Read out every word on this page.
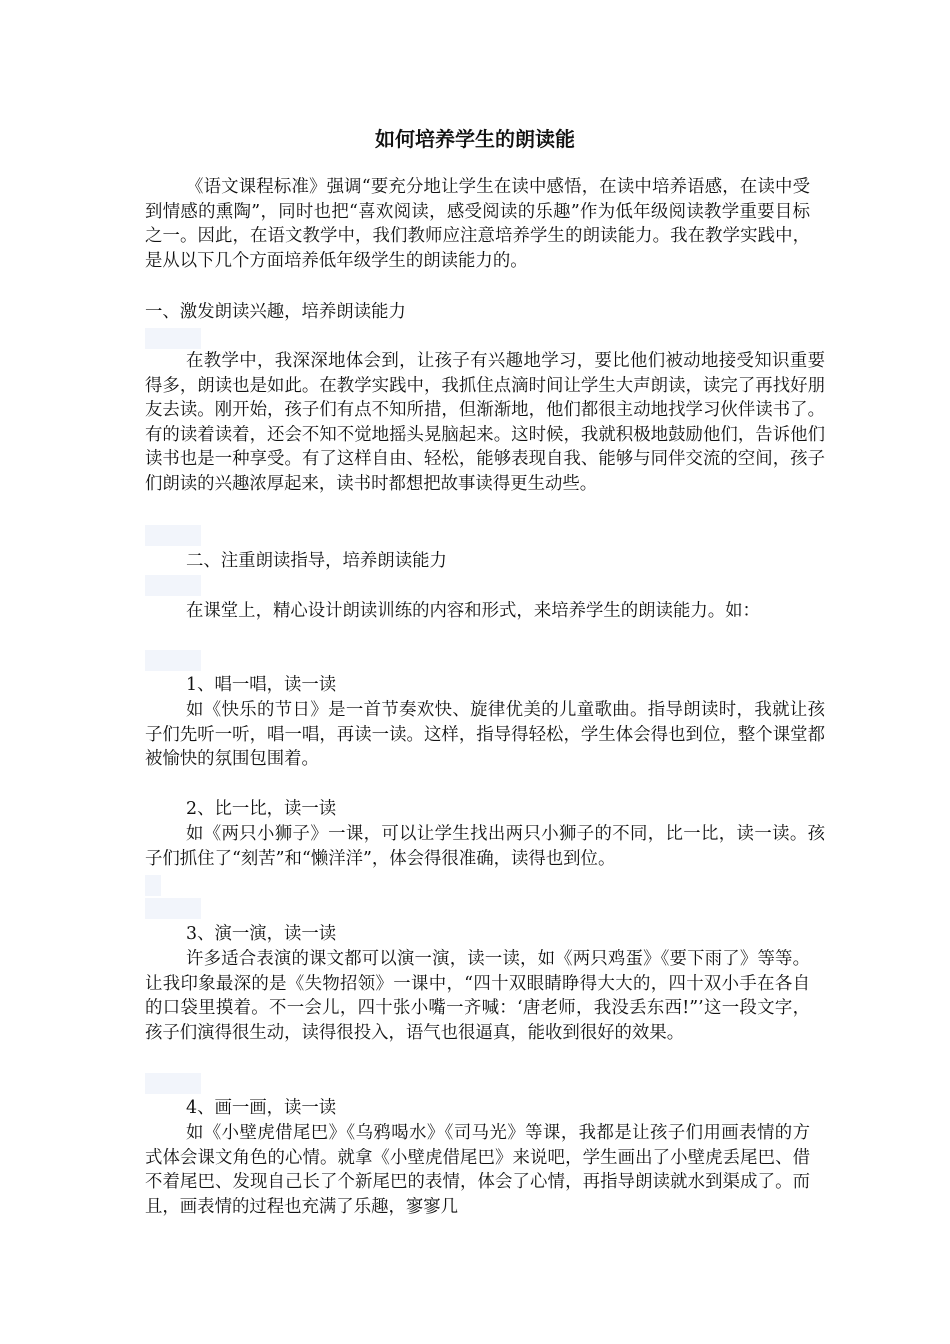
如何培养学生的朗读能

《语文课程标准》强调“要充分地让学生在读中感悟，在读中培养语感，在读中受到情感的熏陶”，同时也把“喜欢阅读，感受阅读的乐趣”作为低年级阅读教学重要目标之一。因此，在语文教学中，我们教师应注意培养学生的朗读能力。我在教学实践中，是从以下几个方面培养低年级学生的朗读能力的。

一、激发朗读兴趣，培养朗读能力

在教学中，我深深地体会到，让孩子有兴趣地学习，要比他们被动地接受知识重要得多，朗读也是如此。在教学实践中，我抓住点滴时间让学生大声朗读，读完了再找好朋友去读。刚开始，孩子们有点不知所措，但渐渐地，他们都很主动地找学习伙伴读书了。有的读着读着，还会不知不觉地摇头晃脑起来。这时候，我就积极地鼓励他们，告诉他们读书也是一种享受。有了这样自由、轻松，能够表现自我、能够与同伴交流的空间，孩子们朗读的兴趣浓厚起来，读书时都想把故事读得更生动些。

二、注重朗读指导，培养朗读能力

在课堂上，精心设计朗读训练的内容和形式，来培养学生的朗读能力。如：

1、唱一唱，读一读

如《快乐的节日》是一首节奏欢快、旋律优美的儿童歌曲。指导朗读时，我就让孩子们先听一听，唱一唱，再读一读。这样，指导得轻松，学生体会得也到位，整个课堂都被愉快的氛围包围着。

2、比一比，读一读

如《两只小狮子》一课，可以让学生找出两只小狮子的不同，比一比，读一读。孩子们抓住了“刻苦”和“懒洋洋”，体会得很准确，读得也到位。

3、演一演，读一读

许多适合表演的课文都可以演一演，读一读，如《两只鸡蛋》《要下雨了》等等。让我印象最深的是《失物招领》一课中，“四十双眼睛睁得大大的，四十双小手在各自的口袋里摸着。不一会儿，四十张小嘴一齐喊：‘唐老师，我没丢东西!”’这一段文字，孩子们演得很生动，读得很投入，语气也很逼真，能收到很好的效果。

4、画一画，读一读

如《小壁虎借尾巴》《乌鸦喝水》《司马光》等课，我都是让孩子们用画表情的方式体会课文角色的心情。就拿《小壁虎借尾巴》来说吧，学生画出了小壁虎丢尾巴、借不着尾巴、发现自己长了个新尾巴的表情，体会了心情，再指导朗读就水到渠成了。而且，画表情的过程也充满了乐趣，寥寥几
